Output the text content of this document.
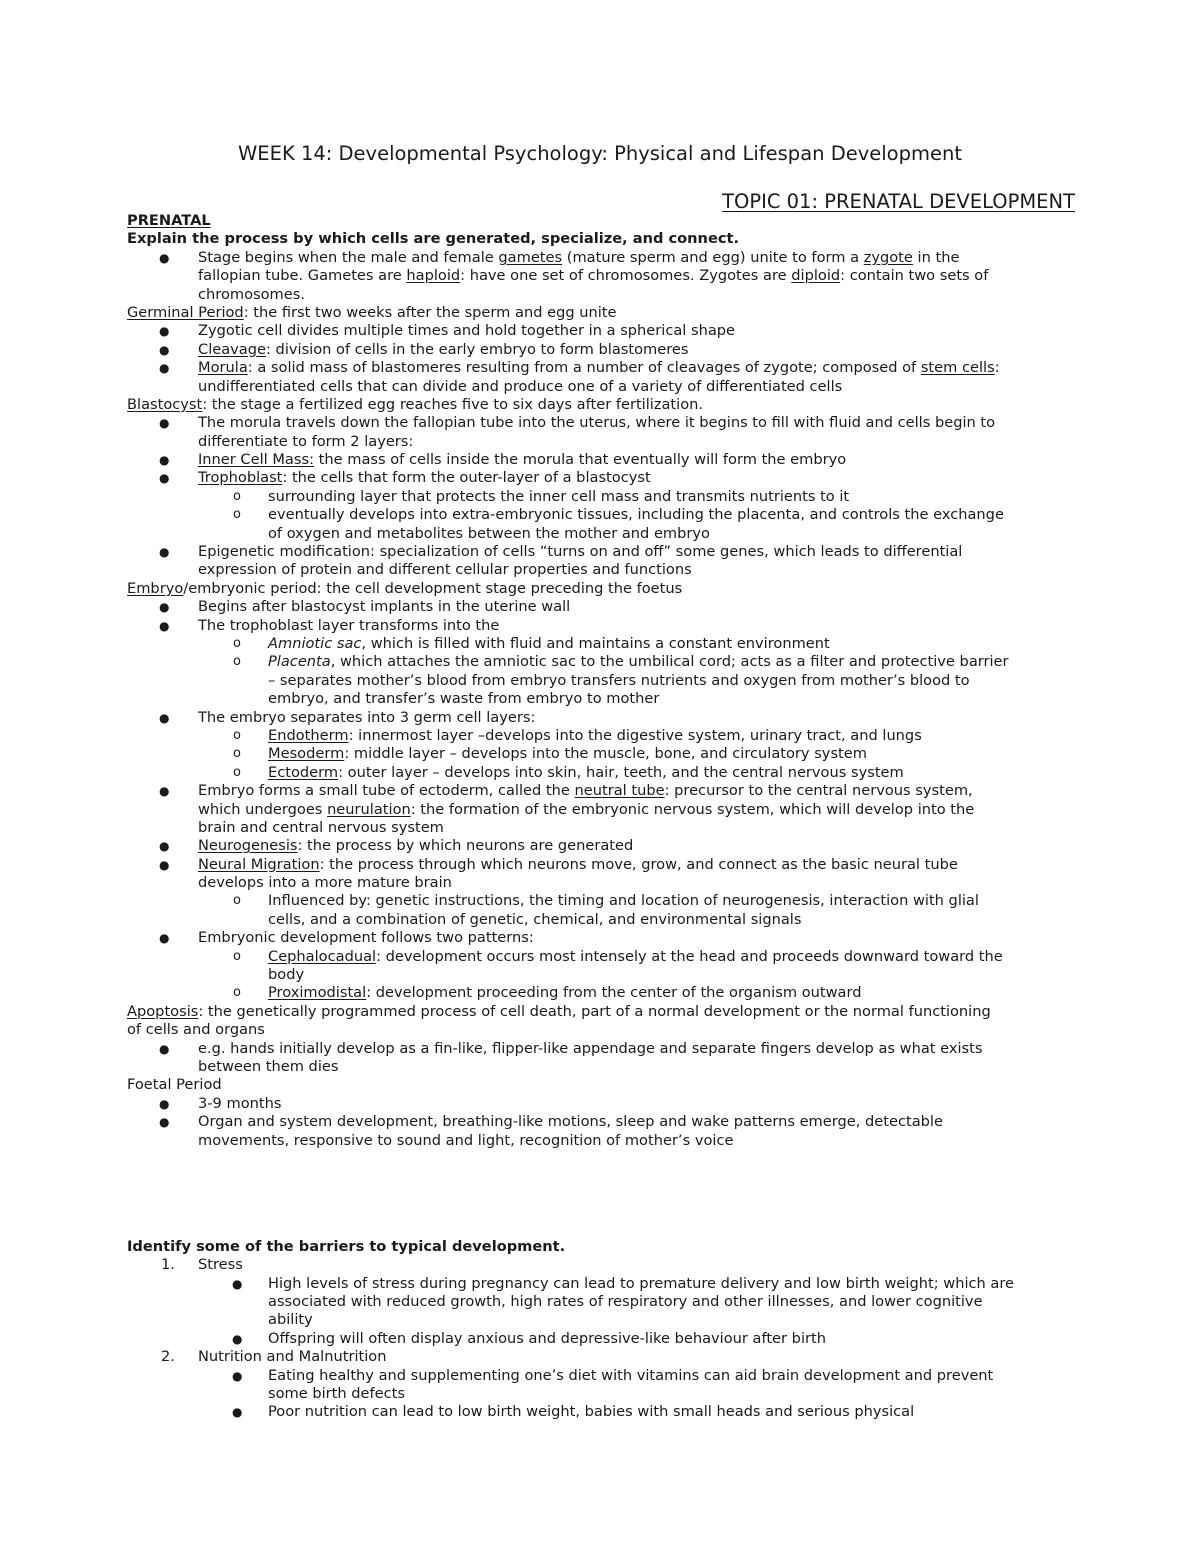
WEEK 14: Developmental Psychology: Physical and Lifespan Development
TOPIC 01: PRENATAL DEVELOPMENT
PRENATAL
Explain the process by which cells are generated, specialize, and connect.
● Stage begins when the male and female gametes (mature sperm and egg) unite to form a zygote in the
fallopian tube. Gametes are haploid: have one set of chromosomes. Zygotes are diploid: contain two sets of
chromosomes.
Germinal Period: the first two weeks after the sperm and egg unite
● Zygotic cell divides multiple times and hold together in a spherical shape
● Cleavage: division of cells in the early embryo to form blastomeres
● Morula: a solid mass of blastomeres resulting from a number of cleavages of zygote; composed of stem cells:
undifferentiated cells that can divide and produce one of a variety of differentiated cells
Blastocyst: the stage a fertilized egg reaches five to six days after fertilization.
● The morula travels down the fallopian tube into the uterus, where it begins to fill with fluid and cells begin to
differentiate to form 2 layers:
● Inner Cell Mass: the mass of cells inside the morula that eventually will form the embryo
● Trophoblast: the cells that form the outer-layer of a blastocyst
o surrounding layer that protects the inner cell mass and transmits nutrients to it
o eventually develops into extra-embryonic tissues, including the placenta, and controls the exchange
of oxygen and metabolites between the mother and embryo
● Epigenetic modification: specialization of cells “turns on and off” some genes, which leads to differential
expression of protein and different cellular properties and functions
Embryo/embryonic period: the cell development stage preceding the foetus
● Begins after blastocyst implants in the uterine wall
● The trophoblast layer transforms into the
o Amniotic sac, which is filled with fluid and maintains a constant environment
o Placenta, which attaches the amniotic sac to the umbilical cord; acts as a filter and protective barrier
– separates mother’s blood from embryo transfers nutrients and oxygen from mother’s blood to
embryo, and transfer’s waste from embryo to mother
● The embryo separates into 3 germ cell layers:
o Endotherm: innermost layer –develops into the digestive system, urinary tract, and lungs
o Mesoderm: middle layer – develops into the muscle, bone, and circulatory system
o Ectoderm: outer layer – develops into skin, hair, teeth, and the central nervous system
● Embryo forms a small tube of ectoderm, called the neutral tube: precursor to the central nervous system,
which undergoes neurulation: the formation of the embryonic nervous system, which will develop into the
brain and central nervous system
● Neurogenesis: the process by which neurons are generated
● Neural Migration: the process through which neurons move, grow, and connect as the basic neural tube
develops into a more mature brain
o Influenced by: genetic instructions, the timing and location of neurogenesis, interaction with glial
cells, and a combination of genetic, chemical, and environmental signals
● Embryonic development follows two patterns:
o Cephalocadual: development occurs most intensely at the head and proceeds downward toward the
body
o Proximodistal: development proceeding from the center of the organism outward
Apoptosis: the genetically programmed process of cell death, part of a normal development or the normal functioning
of cells and organs
● e.g. hands initially develop as a fin-like, flipper-like appendage and separate fingers develop as what exists
between them dies
Foetal Period
● 3-9 months
● Organ and system development, breathing-like motions, sleep and wake patterns emerge, detectable
movements, responsive to sound and light, recognition of mother’s voice
Identify some of the barriers to typical development.
1. Stress
● High levels of stress during pregnancy can lead to premature delivery and low birth weight; which are
associated with reduced growth, high rates of respiratory and other illnesses, and lower cognitive
ability
● Offspring will often display anxious and depressive-like behaviour after birth
2. Nutrition and Malnutrition
● Eating healthy and supplementing one’s diet with vitamins can aid brain development and prevent
some birth defects
● Poor nutrition can lead to low birth weight, babies with small heads and serious physical
